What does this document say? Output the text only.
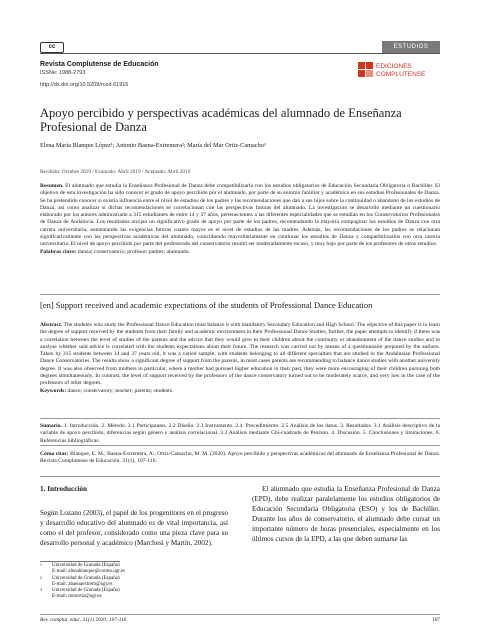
cc	ESTUDIOS
Revista Complutense de Educación
ISSNe: 1988-2793
http://dx.doi.org/10.5209/rced.61915
EDICIONES
COMPLUTENSE
Apoyo percibido y perspectivas académicas del alumnado de Enseñanza Profesional de Danza
Elena María Blanque López¹; Antonio Baena-Extremera²; María del Mar Ortiz-Camacho³
Recibido: Octubre 2019 / Evaluado: Abril 2019 / Aceptado: Abril 2019
Resumen. El alumnado que estudia la Enseñanza Profesional de Danza debe compatibilizarla con los estudios obligatorios de Educación Secundaria Obligatoria o Bachiller. El objetivo de esta investigación ha sido conocer el grado de apoyo percibido por el alumnado, por parte de su entorno familiar y académico en sus estudios Profesionales de Danza. Se ha pretendido conocer si existía influencia entre el nivel de estudios de los padres y las recomendaciones que dan a sus hijos sobre la continuidad o abandono de los estudios de Danza, así como analizar si dichas recomendaciones se correlacionan con las perspectivas futuras del alumnado. La investigación se desarrolló mediante un cuestionario elaborado por los autores administrado a 315 estudiantes de entre 14 y 37 años, pertenecientes a las diferentes especialidades que se estudian en los Conservatorios Profesionales de Danza de Andalucía. Los resultados arrojan un significativo grado de apoyo por parte de los padres, recomendando la mayoría compaginar los estudios de Danza con otra carrera universitaria, aumentando las exigencias futuras cuanto mayor es el nivel de estudios de las madres. Además, las recomendaciones de los padres se relacionan significativamente con las perspectivas académicas del alumnado, coincidiendo mayoritariamente en continuar los estudios de Danza y compatibilizarlos con otra carrera universitaria. El nivel de apoyo percibido por parte del profesorado del conservatorio resultó ser moderadamente escaso, y muy bajo por parte de los profesores de otros estudios.
Palabras clave: danza; conservatorio; profesor; padres; alumnado.
[en] Support received and academic expectations of the students of Professional Dance Education
Abstract. The students who study the Professional Dance Education must balance it with mandatory Secondary Education and High School. The objective of this paper is to learn the degree of support received by the students from their family and academic environment in their Professional Dance Studies, further, the paper attempts to identify if there was a correlation between the level of studies of the parents and the advice that they would give to their children about the continuity or abandonment of the dance studies and to analyse whether said advice is correlated with the students expectations about their future. The research was carried out by means of a questionnaire prepared by the authors. Taken by 315 students between 14 and 37 years old, it was a varied sample, with students belonging to all different specialties that are studied in the Andalusian Professional Dance Conservatories. The results show a significant degree of support from the parents, in most cases parents are recommending to balance dance studies with another university degree. It was also observed from mothers in particular, where a mother had pursued higher education in their past, they were more encouraging of their children pursuing both degrees simultaneously. In contrast, the level of support received by the professors of the dance conservatory turned out to be moderately scarce, and very low in the case of the professors of other degrees.
Keywords: dance; conservatory; teacher; parents; students.
Sumario. 1. Introducción. 2. Método. 2.1 Participantes. 2.2 Diseño. 2.3 Instrumento. 2.4. Procedimiento. 2.5 Análisis de los datos. 3. Resultados. 3.1 Análisis descriptivo de la variable de apoyo percibido, diferencias según género y análisis correlacional. 3.2 Análisis mediante Chi-cuadrado de Pearson. 4. Discusión. 5. Conclusiones y limitaciones. 6. Referencias bibliográficas.
Cómo citar: Blanque, E. M.; Baena-Extremera, A.; Ortiz-Camacho, M. M. (2020). Apoyo percibido y perspectivas académicas del alumnado de Enseñanza Profesional de Danza. Revista Complutense de Educación, 31(1), 107-116.
1. Introducción
Según Lozano (2003), el papel de los progenitores en el progreso y desarrollo educativo del alumnado es de vital importancia, así como el del profesor, considerado como una pieza clave para su desarrollo personal y académico (Marchesi y Martín, 2002).
El alumnado que estudia la Enseñanza Profesional de Danza (EPD), debe realizar paralelamente los estudios obligatorios de Educación Secundaria Obligatoria (ESO) y los de Bachiller. Durante los años de conservatorio, el alumnado debe cursar un importante número de horas presenciales, especialmente en los últimos cursos de la EPD, a las que deben sumarse las
1 Universidad de Granada (España)
E-mail: elenablanque@correo.ugr.es
2 Universidad de Granada (España)
E-mail: abaenaextrem@ugr.es
3 Universidad de Granada (España)
E-mail: mmortiz@ugr.es
Rev. complut. educ. 31(1) 2020: 107-116	107
